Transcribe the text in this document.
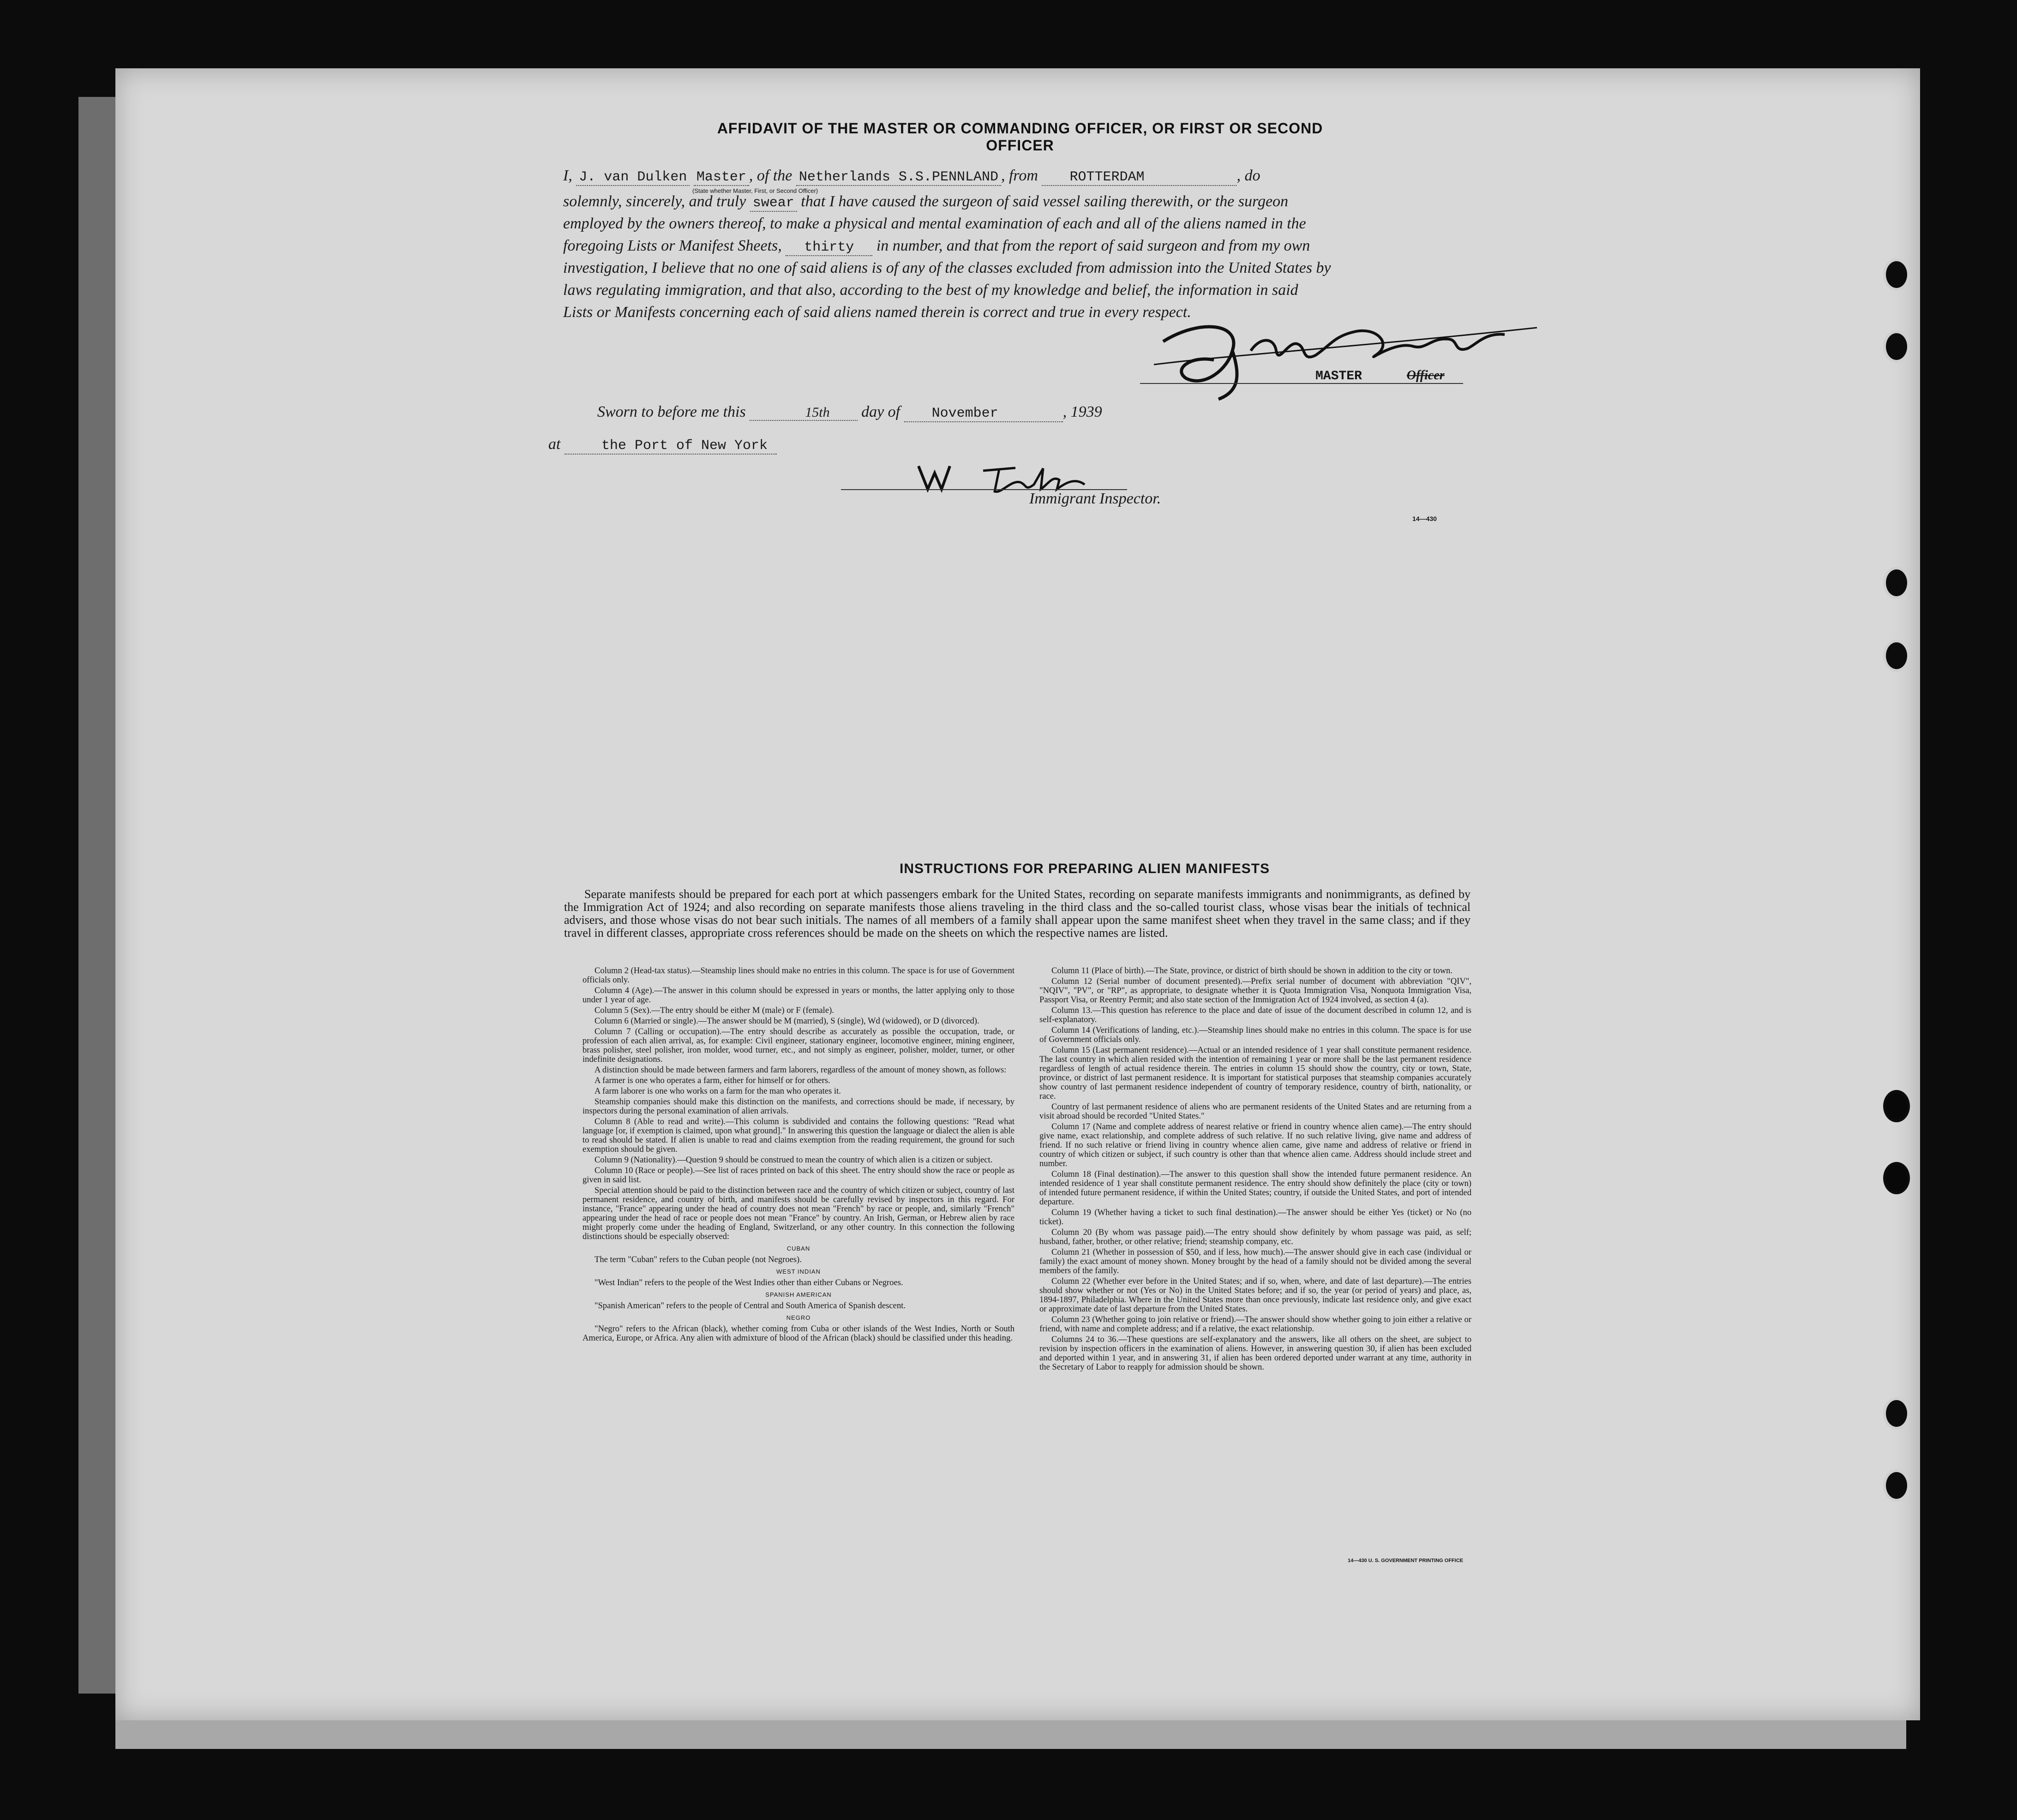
AFFIDAVIT OF THE MASTER OR COMMANDING OFFICER, OR FIRST OR SECOND OFFICER
I, J. van Dulken Master , of the Netherlands S.S.PENNLAND , from ROTTERDAM	, do
(State whether Master, First, or Second Officer)
solemnly, sincerely, and truly swear that I have caused the surgeon of said vessel sailing therewith, or the surgeon
employed by the owners thereof, to make a physical and mental examination of each and all of the aliens named in the
foregoing Lists or Manifest Sheets, thirty in number, and that from the report of said surgeon and from my own
investigation, I believe that no one of said aliens is of any of the classes excluded from admission into the United States by
laws regulating immigration, and that also, according to the best of my knowledge and belief, the information in said
Lists or Manifests concerning each of said aliens named therein is correct and true in every respect.
MASTER	Officer
Sworn to before me this	15th day of November	, 1939
at	the Port of New York
Immigrant Inspector.
14—430
INSTRUCTIONS FOR PREPARING ALIEN MANIFESTS
Separate manifests should be prepared for each port at which passengers embark for the United States, recording on separate manifests immigrants and nonimmigrants, as defined by the Immigration Act of 1924; and also recording on separate manifests those aliens traveling in the third class and the so-called tourist class, whose visas bear the initials of technical advisers, and those whose visas do not bear such initials. The names of all members of a family shall appear upon the same manifest sheet when they travel in the same class; and if they travel in different classes, appropriate cross references should be made on the sheets on which the respective names are listed.

Column 2 (Head-tax status).—Steamship lines should make no entries in this column. The space is for use of Government officials only.

Column 4 (Age).—The answer in this column should be expressed in years or months, the latter applying only to those under 1 year of age.

Column 5 (Sex).—The entry should be either M (male) or F (female).

Column 6 (Married or single).—The answer should be M (married), S (single), Wd (widowed), or D (divorced).

Column 7 (Calling or occupation).—The entry should describe as accurately as possible the occupation, trade, or profession of each alien arrival, as, for example: Civil engineer, stationary engineer, locomotive engineer, mining engineer, brass polisher, steel polisher, iron molder, wood turner, etc., and not simply as engineer, polisher, molder, turner, or other indefinite designations.

A distinction should be made between farmers and farm laborers, regardless of the amount of money shown, as follows:

A farmer is one who operates a farm, either for himself or for others.

A farm laborer is one who works on a farm for the man who operates it.

Steamship companies should make this distinction on the manifests, and corrections should be made, if necessary, by inspectors during the personal examination of alien arrivals.

Column 8 (Able to read and write).—This column is subdivided and contains the following questions: "Read what language [or, if exemption is claimed, upon what ground]." In answering this question the language or dialect the alien is able to read should be stated. If alien is unable to read and claims exemption from the reading requirement, the ground for such exemption should be given.

Column 9 (Nationality).—Question 9 should be construed to mean the country of which alien is a citizen or subject.

Column 10 (Race or people).—See list of races printed on back of this sheet. The entry should show the race or people as given in said list.

Special attention should be paid to the distinction between race and the country of which citizen or subject, country of last permanent residence, and country of birth, and manifests should be carefully revised by inspectors in this regard. For instance, "France" appearing under the head of country does not mean "French" by race or people, and, similarly "French" appearing under the head of race or people does not mean "France" by country. An Irish, German, or Hebrew alien by race might properly come under the heading of England, Switzerland, or any other country. In this connection the following distinctions should be especially observed:

CUBAN

The term "Cuban" refers to the Cuban people (not Negroes).

WEST INDIAN

"West Indian" refers to the people of the West Indies other than either Cubans or Negroes.

SPANISH AMERICAN

"Spanish American" refers to the people of Central and South America of Spanish descent.

NEGRO

"Negro" refers to the African (black), whether coming from Cuba or other islands of the West Indies, North or South America, Europe, or Africa. Any alien with admixture of blood of the African (black) should be classified under this heading.

Column 11 (Place of birth).—The State, province, or district of birth should be shown in addition to the city or town.

Column 12 (Serial number of document presented).—Prefix serial number of document with abbreviation "QIV", "NQIV", "PV", or "RP", as appropriate, to designate whether it is Quota Immigration Visa, Nonquota Immigration Visa, Passport Visa, or Reentry Permit; and also state section of the Immigration Act of 1924 involved, as section 4 (a).

Column 13.—This question has reference to the place and date of issue of the document described in column 12, and is self-explanatory.

Column 14 (Verifications of landing, etc.).—Steamship lines should make no entries in this column. The space is for use of Government officials only.

Column 15 (Last permanent residence).—Actual or an intended residence of 1 year shall constitute permanent residence. The last country in which alien resided with the intention of remaining 1 year or more shall be the last permanent residence regardless of length of actual residence therein. The entries in column 15 should show the country, city or town, State, province, or district of last permanent residence. It is important for statistical purposes that steamship companies accurately show country of last permanent residence independent of country of temporary residence, country of birth, nationality, or race.

Country of last permanent residence of aliens who are permanent residents of the United States and are returning from a visit abroad should be recorded "United States."

Column 17 (Name and complete address of nearest relative or friend in country whence alien came).—The entry should give name, exact relationship, and complete address of such relative. If no such relative living, give name and address of friend. If no such relative or friend living in country whence alien came, give name and address of relative or friend in country of which citizen or subject, if such country is other than that whence alien came. Address should include street and number.

Column 18 (Final destination).—The answer to this question shall show the intended future permanent residence. An intended residence of 1 year shall constitute permanent residence. The entry should show definitely the place (city or town) of intended future permanent residence, if within the United States; country, if outside the United States, and port of intended departure.

Column 19 (Whether having a ticket to such final destination).—The answer should be either Yes (ticket) or No (no ticket).

Column 20 (By whom was passage paid).—The entry should show definitely by whom passage was paid, as self; husband, father, brother, or other relative; friend; steamship company, etc.

Column 21 (Whether in possession of $50, and if less, how much).—The answer should give in each case (individual or family) the exact amount of money shown. Money brought by the head of a family should not be divided among the several members of the family.

Column 22 (Whether ever before in the United States; and if so, when, where, and date of last departure).—The entries should show whether or not (Yes or No) in the United States before; and if so, the year (or period of years) and place, as, 1894-1897, Philadelphia. Where in the United States more than once previously, indicate last residence only, and give exact or approximate date of last departure from the United States.

Column 23 (Whether going to join relative or friend).—The answer should show whether going to join either a relative or friend, with name and complete address; and if a relative, the exact relationship.

Columns 24 to 36.—These questions are self-explanatory and the answers, like all others on the sheet, are subject to revision by inspection officers in the examination of aliens. However, in answering question 30, if alien has been excluded and deported within 1 year, and in answering 31, if alien has been ordered deported under warrant at any time, authority in the Secretary of Labor to reapply for admission should be shown.

14—430 U. S. GOVERNMENT PRINTING OFFICE
